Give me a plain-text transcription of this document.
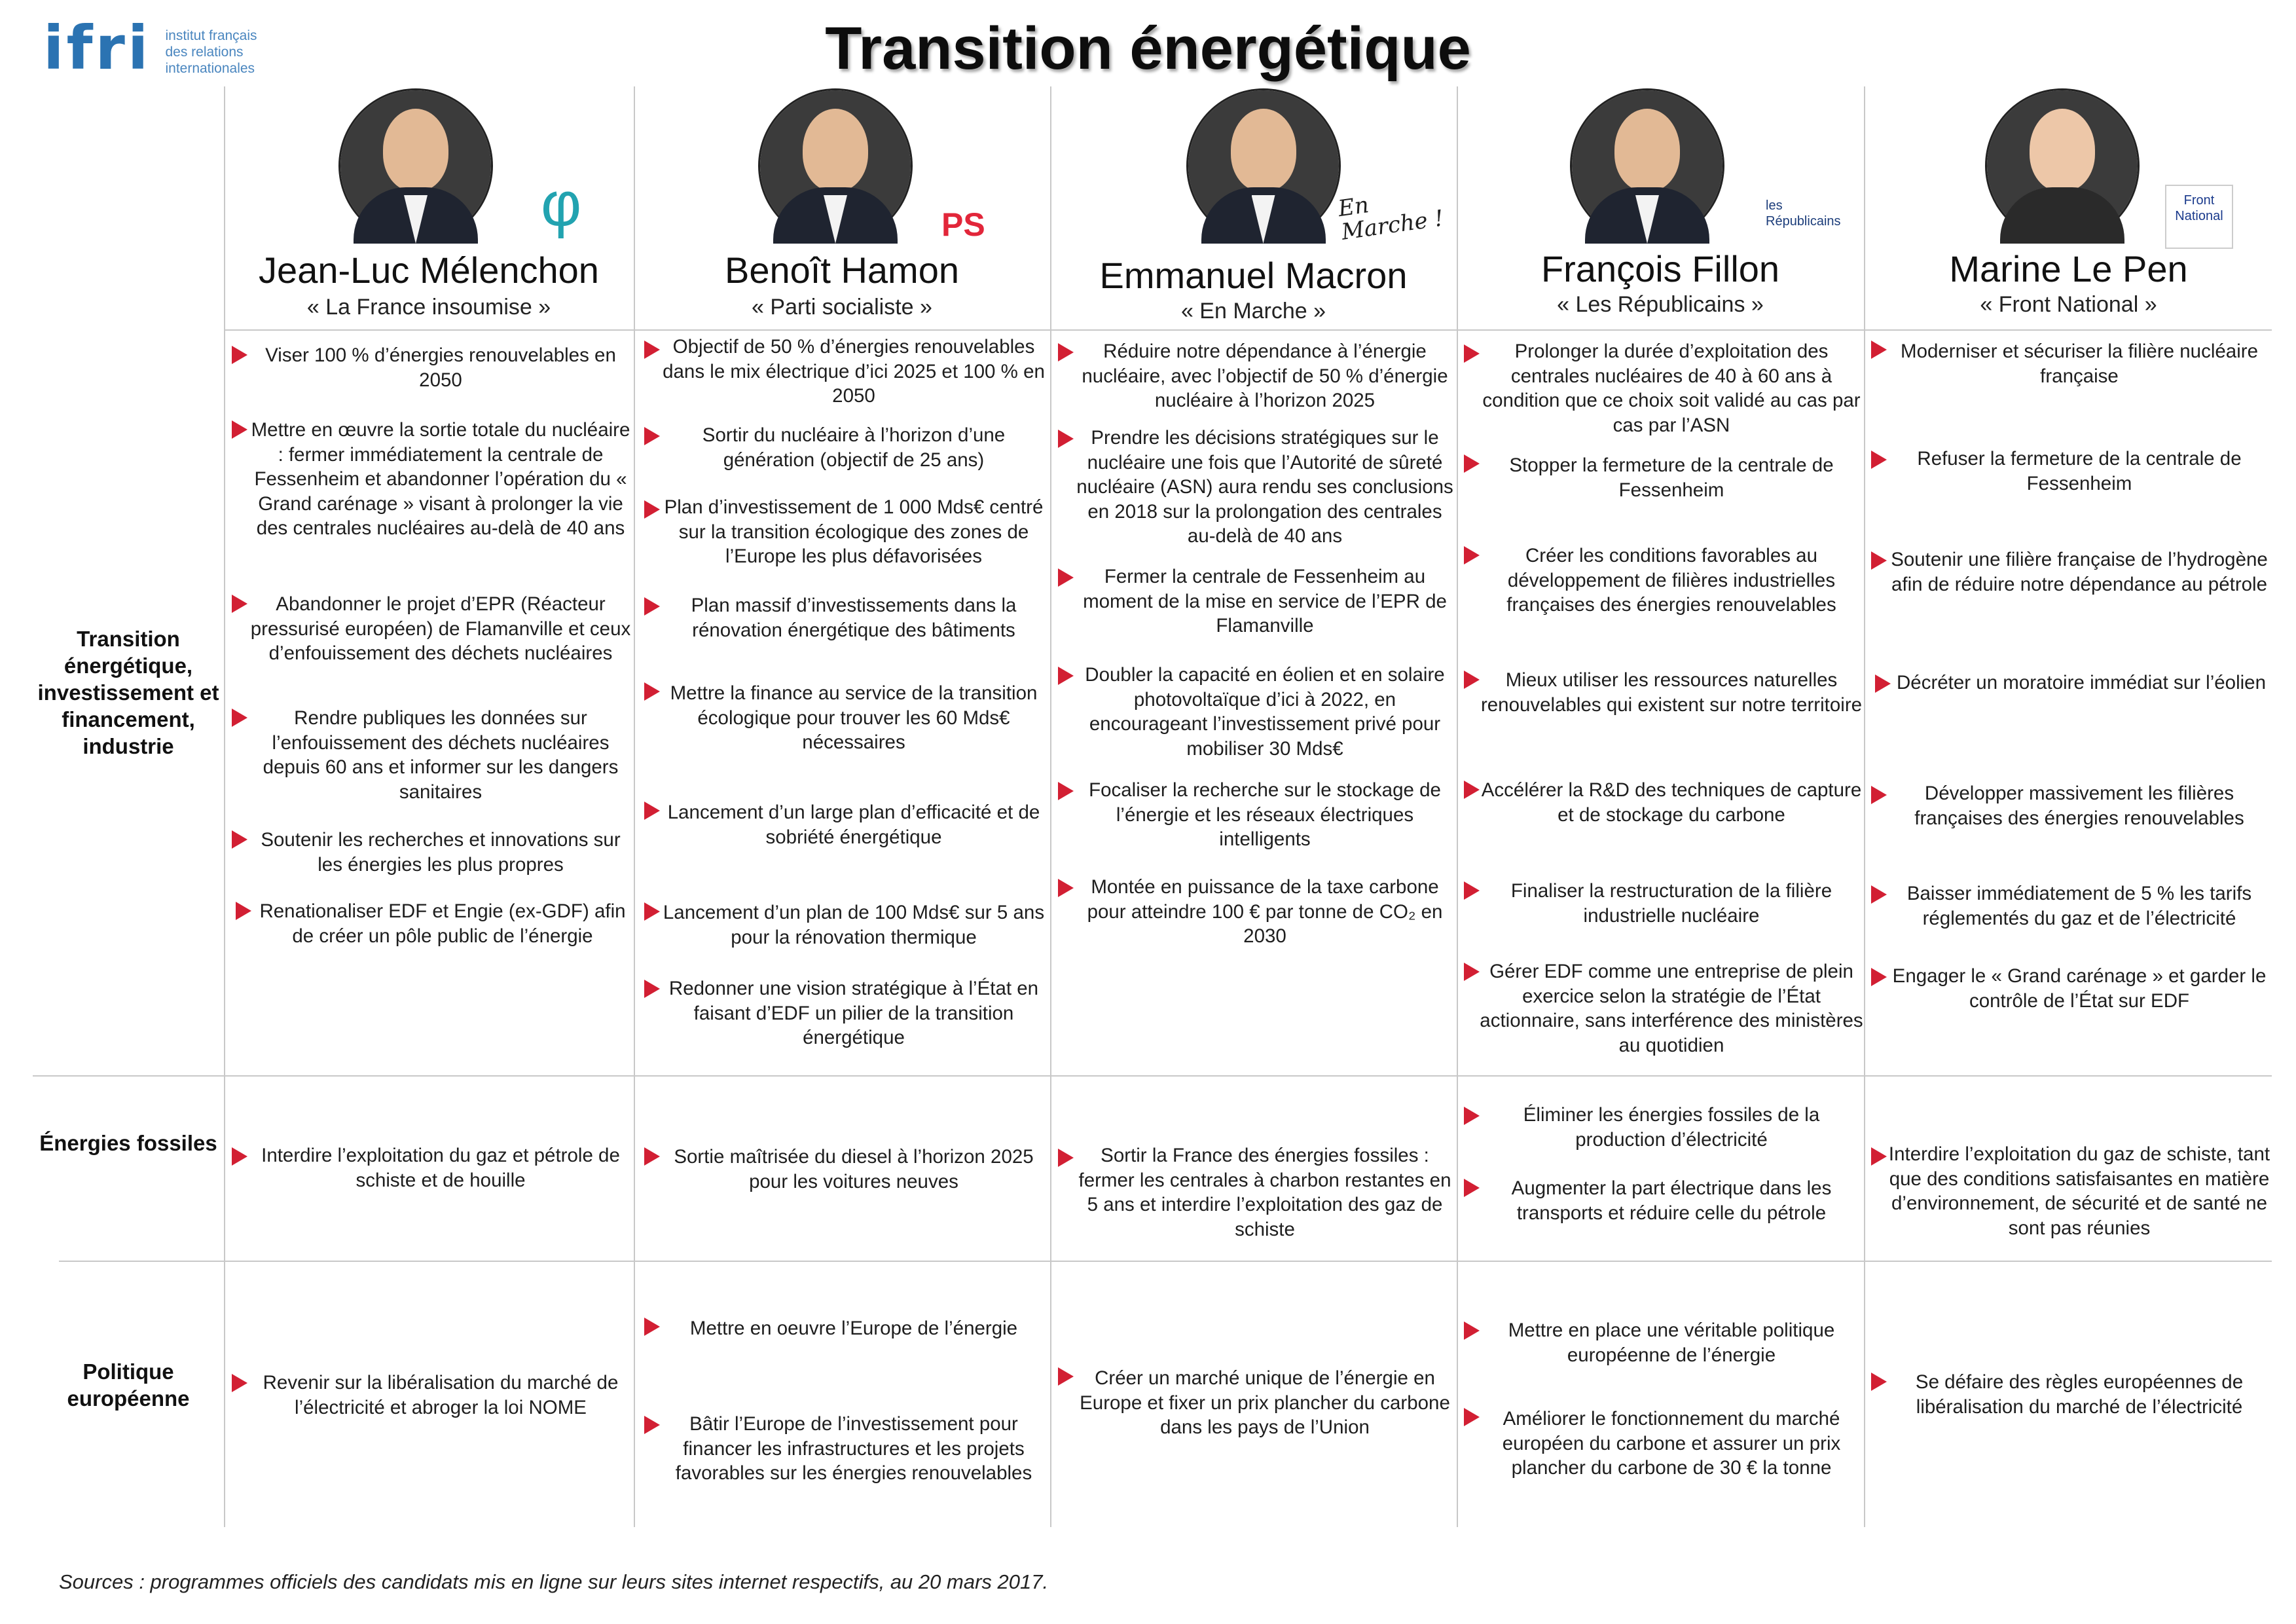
ifri institut français
des relations
internationales	Transition énergétique
φ
Jean-Luc Mélenchon
« La France insoumise »
PS
Benoît Hamon
« Parti socialiste »
En Marche !
Emmanuel Macron
« En Marche »
les Républicains
François Fillon
« Les Républicains »
Front National
Marine Le Pen
« Front National »
Transition énergétique, investissement et financement, industrie
Énergies fossiles
Politique européenne
Viser 100 % d’énergies renouvelables en 2050
Mettre en œuvre la sortie totale du nucléaire : fermer immédiatement la centrale de Fessenheim et abandonner l’opération du « Grand carénage » visant à prolonger la vie des centrales nucléaires au-delà de 40 ans
Abandonner le projet d’EPR (Réacteur pressurisé européen) de Flamanville et ceux d’enfouissement des déchets nucléaires
Rendre publiques les données sur l’enfouissement des déchets nucléaires depuis 60 ans et informer sur les dangers sanitaires
Soutenir les recherches et innovations sur les énergies les plus propres
Renationaliser EDF et Engie (ex-GDF) afin de créer un pôle public de l’énergie
Objectif de 50 % d’énergies renouvelables dans le mix électrique d’ici 2025 et 100 % en 2050
Sortir du nucléaire à l’horizon d’une génération (objectif de 25 ans)
Plan d’investissement de 1 000 Mds€ centré sur la transition écologique des zones de l’Europe les plus défavorisées
Plan massif d’investissements dans la rénovation énergétique des bâtiments
Mettre la finance au service de la transition écologique pour trouver les 60 Mds€ nécessaires
Lancement d’un large plan d’efficacité et de sobriété énergétique
Lancement d’un plan de 100 Mds€ sur 5 ans pour la rénovation thermique
Redonner une vision stratégique à l’État en faisant d’EDF un pilier de la transition énergétique
Réduire notre dépendance à l’énergie nucléaire, avec l’objectif de 50 % d’énergie nucléaire à l’horizon 2025
Prendre les décisions stratégiques sur le nucléaire une fois que l’Autorité de sûreté nucléaire (ASN) aura rendu ses conclusions en 2018 sur la prolongation des centrales au-delà de 40 ans
Fermer la centrale de Fessenheim au moment de la mise en service de l’EPR de Flamanville
Doubler la capacité en éolien et en solaire photovoltaïque d’ici à 2022, en encourageant l’investissement privé pour mobiliser 30 Mds€
Focaliser la recherche sur le stockage de l’énergie et les réseaux électriques intelligents
Montée en puissance de la taxe carbone pour atteindre 100 € par tonne de CO₂ en 2030
Prolonger la durée d’exploitation des centrales nucléaires de 40 à 60 ans à condition que ce choix soit validé au cas par cas par l’ASN
Stopper la fermeture de la centrale de Fessenheim
Créer les conditions favorables au développement de filières industrielles françaises des énergies renouvelables
Mieux utiliser les ressources naturelles renouvelables qui existent sur notre territoire
Accélérer la R&D des techniques de capture et de stockage du carbone
Finaliser la restructuration de la filière industrielle nucléaire
Gérer EDF comme une entreprise de plein exercice selon la stratégie de l’État actionnaire, sans interférence des ministères au quotidien
Moderniser et sécuriser la filière nucléaire française
Refuser la fermeture de la centrale de Fessenheim
Soutenir une filière française de l’hydrogène afin de réduire notre dépendance au pétrole
Décréter un moratoire immédiat sur l’éolien
Développer massivement les filières françaises des énergies renouvelables
Baisser immédiatement de 5 % les tarifs réglementés du gaz et de l’électricité
Engager le « Grand carénage » et garder le contrôle de l’État sur EDF
Interdire l’exploitation du gaz et pétrole de schiste et de houille
Sortie maîtrisée du diesel à l’horizon 2025 pour les voitures neuves
Sortir la France des énergies fossiles : fermer les centrales à charbon restantes en 5 ans et interdire l’exploitation des gaz de schiste
Éliminer les énergies fossiles de la production d’électricité
Augmenter la part électrique dans les transports et réduire celle du pétrole
Interdire l’exploitation du gaz de schiste, tant que des conditions satisfaisantes en matière d’environnement, de sécurité et de santé ne sont pas réunies
Revenir sur la libéralisation du marché de l’électricité et abroger la loi NOME
Mettre en oeuvre l’Europe de l’énergie
Bâtir l’Europe de l’investissement pour financer les infrastructures et les projets favorables sur les énergies renouvelables
Créer un marché unique de l’énergie en Europe et fixer un prix plancher du carbone dans les pays de l’Union
Mettre en place une véritable politique européenne de l’énergie
Améliorer le fonctionnement du marché européen du carbone et assurer un prix plancher du carbone de 30 € la tonne
Se défaire des règles européennes de libéralisation du marché de l’électricité
Sources : programmes officiels des candidats mis en ligne sur leurs sites internet respectifs, au 20 mars 2017.
